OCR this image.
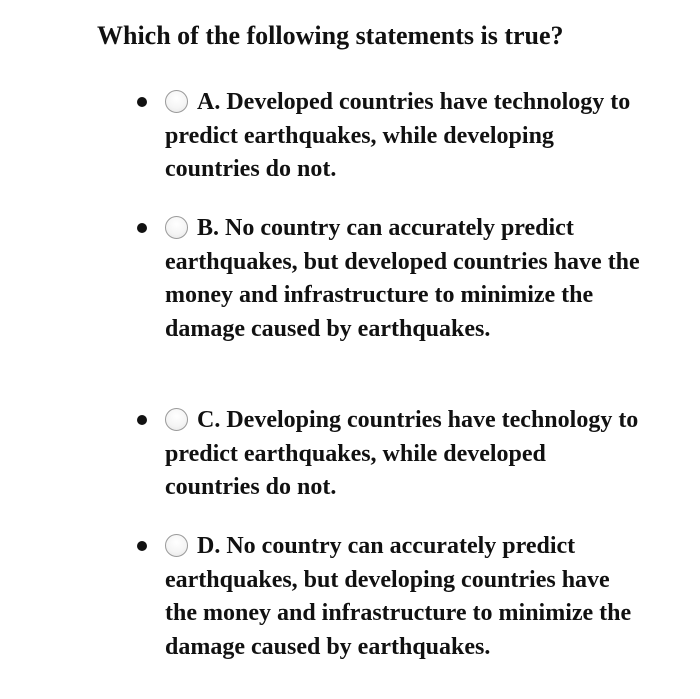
Which of the following statements is true?
A. Developed countries have technology to predict earthquakes, while developing countries do not.
B. No country can accurately predict earthquakes, but developed countries have the money and infrastructure to minimize the damage caused by earthquakes.
C. Developing countries have technology to predict earthquakes, while developed countries do not.
D. No country can accurately predict earthquakes, but developing countries have the money and infrastructure to minimize the damage caused by earthquakes.
